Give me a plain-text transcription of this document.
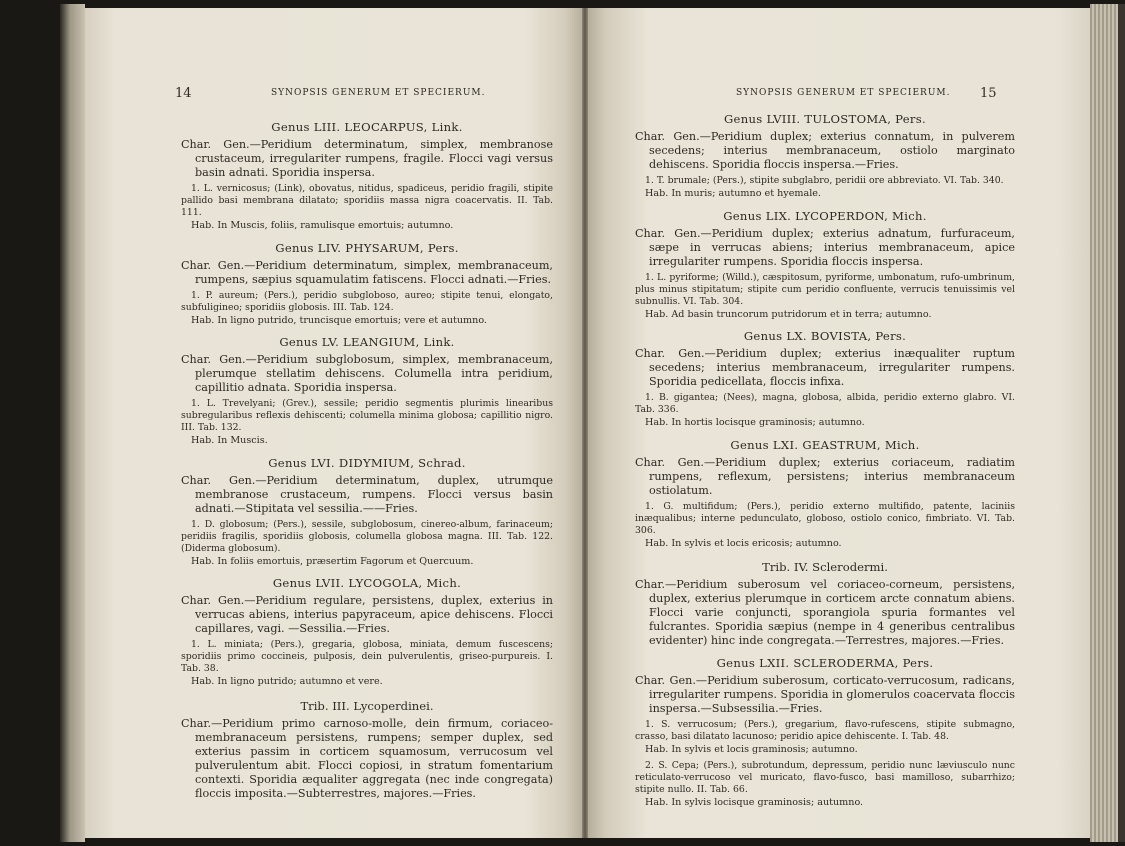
14	SYNOPSIS GENERUM ET SPECIERUM.

Genus LIII. LEOCARPUS, Link.

Char. Gen.—Peridium determinatum, simplex, membranose crustaceum, irregulariter rumpens, fragile. Flocci vagi versus basin adnati. Sporidia inspersa.

1. L. vernicosus; (Link), obovatus, nitidus, spadiceus, peridio fragili, stipite pallido basi membrana dilatato; sporidiis massa nigra coacervatis. II. Tab. 111.

Hab. In Muscis, foliis, ramulisque emortuis; autumno.

Genus LIV. PHYSARUM, Pers.

Char. Gen.—Peridium determinatum, simplex, membranaceum, rumpens, sæpius squamulatim fatiscens. Flocci adnati.—Fries.

1. P. aureum; (Pers.), peridio subgloboso, aureo; stipite tenui, elongato, subfuligineo; sporidiis globosis. III. Tab. 124.

Hab. In ligno putrido, truncisque emortuis; vere et autumno.

Genus LV. LEANGIUM, Link.

Char. Gen.—Peridium subglobosum, simplex, membranaceum, plerumque stellatim dehiscens. Columella intra peridium, capillitio adnata. Sporidia inspersa.

1. L. Trevelyani; (Grev.), sessile; peridio segmentis plurimis linearibus subregularibus reflexis dehiscenti; columella minima globosa; capillitio nigro. III. Tab. 132.

Hab. In Muscis.

Genus LVI. DIDYMIUM, Schrad.

Char. Gen.—Peridium determinatum, duplex, utrumque membranose crustaceum, rumpens. Flocci versus basin adnati.—Stipitata vel sessilia.——Fries.

1. D. globosum; (Pers.), sessile, subglobosum, cinereo-album, farinaceum; peridiis fragilis, sporidiis globosis, columella globosa magna. III. Tab. 122. (Diderma globosum).

Hab. In foliis emortuis, præsertim Fagorum et Quercuum.

Genus LVII. LYCOGOLA, Mich.

Char. Gen.—Peridium regulare, persistens, duplex, exterius in verrucas abiens, interius papyraceum, apice dehiscens. Flocci capillares, vagi. —Sessilia.—Fries.

1. L. miniata; (Pers.), gregaria, globosa, miniata, demum fuscescens; sporidiis primo coccineis, pulposis, dein pulverulentis, griseo-purpureis. I. Tab. 38.

Hab. In ligno putrido; autumno et vere.

Trib. III. Lycoperdinei.

Char.—Peridium primo carnoso-molle, dein firmum, coriaceo-membranaceum persistens, rumpens; semper duplex, sed exterius passim in corticem squamosum, verrucosum vel pulverulentum abit. Flocci copiosi, in stratum fomentarium contexti. Sporidia æqualiter aggregata (nec inde congregata) floccis imposita.—Subterrestres, majores.—Fries.

SYNOPSIS GENERUM ET SPECIERUM. 15

Genus LVIII. TULOSTOMA, Pers.

Char. Gen.—Peridium duplex; exterius connatum, in pulverem secedens; interius membranaceum, ostiolo marginato dehiscens. Sporidia floccis inspersa.—Fries.

1. T. brumale; (Pers.), stipite subglabro, peridii ore abbreviato. VI. Tab. 340.

Hab. In muris; autumno et hyemale.

Genus LIX. LYCOPERDON, Mich.

Char. Gen.—Peridium duplex; exterius adnatum, furfuraceum, sæpe in verrucas abiens; interius membranaceum, apice irregulariter rumpens. Sporidia floccis inspersa.

1. L. pyriforme; (Willd.), cæspitosum, pyriforme, umbonatum, rufo-umbrinum, plus minus stipitatum; stipite cum peridio confluente, verrucis tenuissimis vel subnullis. VI. Tab. 304.

Hab. Ad basin truncorum putridorum et in terra; autumno.

Genus LX. BOVISTA, Pers.

Char. Gen.—Peridium duplex; exterius inæqualiter ruptum secedens; interius membranaceum, irregulariter rumpens. Sporidia pedicellata, floccis infixa.

1. B. gigantea; (Nees), magna, globosa, albida, peridio externo glabro. VI. Tab. 336.

Hab. In hortis locisque graminosis; autumno.

Genus LXI. GEASTRUM, Mich.

Char. Gen.—Peridium duplex; exterius coriaceum, radiatim rumpens, reflexum, persistens; interius membranaceum ostiolatum.

1. G. multifidum; (Pers.), peridio externo multifido, patente, laciniis inæqualibus; interne pedunculato, globoso, ostiolo conico, fimbriato. VI. Tab. 306.

Hab. In sylvis et locis ericosis; autumno.

Trib. IV. Sclerodermi.

Char.—Peridium suberosum vel coriaceo-corneum, persistens, duplex, exterius plerumque in corticem arcte connatum abiens. Flocci varie conjuncti, sporangiola spuria formantes vel fulcrantes. Sporidia sæpius (nempe in 4 generibus centralibus evidenter) hinc inde congregata.—Terrestres, majores.—Fries.

Genus LXII. SCLERODERMA, Pers.

Char. Gen.—Peridium suberosum, corticato-verrucosum, radicans, irregulariter rumpens. Sporidia in glomerulos coacervata floccis inspersa.—Subsessilia.—Fries.

1. S. verrucosum; (Pers.), gregarium, flavo-rufescens, stipite submagno, crasso, basi dilatato lacunoso; peridio apice dehiscente. I. Tab. 48.

Hab. In sylvis et locis graminosis; autumno.

2. S. Cepa; (Pers.), subrotundum, depressum, peridio nunc læviusculo nunc reticulato-verrucoso vel muricato, flavo-fusco, basi mamilloso, subarrhizo; stipite nullo. II. Tab. 66.

Hab. In sylvis locisque graminosis; autumno.
